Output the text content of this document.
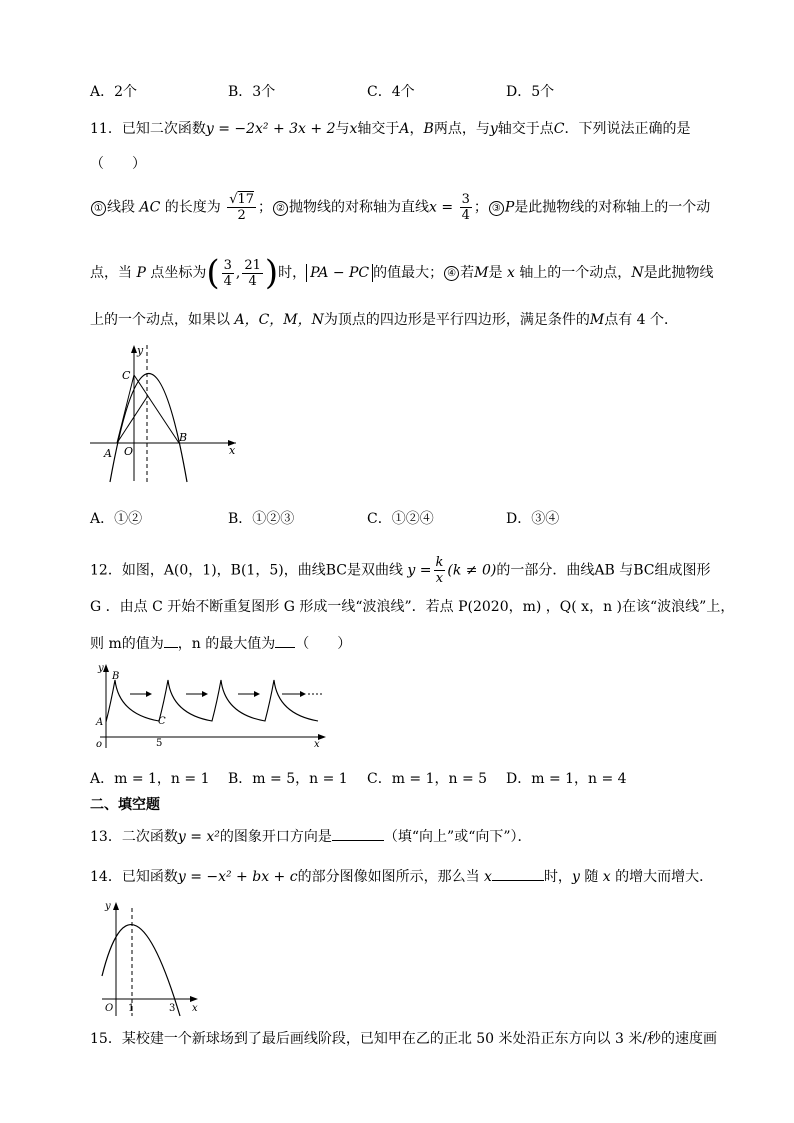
A．2个	B．3个	C．4个	D．5个
11．已知二次函数y = −2x² + 3x + 2与x轴交于A，B两点，与y轴交于点C．下列说法正确的是
（　　）
① 线段 AC 的长度为 $\frac{√17}{2}$ ； ② 抛物线的对称轴为直线$x = \frac{3}{4}$ ； ③ P是此抛物线的对称轴上的一个动
点，当 P 点坐标为( $\frac{3}{4}$ , $\frac{21}{4}$ )时， PA − PC 的值最大； ④ 若M是 x 轴上的一个动点，N是此抛物线
上的一个动点，如果以 A，C，M，N为顶点的四边形是平行四边形，满足条件的M点有 4 个．
C
O
A
B
x
y
A．①②	B．①②③	C．①②④	D．③④
12．如图，A(0，1)，B(1，5)，曲线BC是双曲线 $y = \frac{k}{x} (k \ne 0)$的一部分．曲线AB 与BC组成图形
G ．由点 C 开始不断重复图形 G 形成一线“波浪线”．若点 P(2020，m) ，Q( x，n )在该“波浪线”上，
则 m的值为 ，n 的最大值为 （　　）
y
B
A	C
o	5	x
A．m = 1，n = 1 B．m = 5，n = 1 C．m = 1，n = 5 D．m = 1，n = 4
二、填空题
13．二次函数y = x²的图象开口方向是	（填“向上”或“向下”）．
14．已知函数y = −x² + bx + c的部分图像如图所示，那么当 x	时，y 随 x 的增大而增大．
y
O 1	3 x
15．某校建一个新球场到了最后画线阶段，已知甲在乙的正北 50 米处沿正东方向以 3 米/秒的速度画
